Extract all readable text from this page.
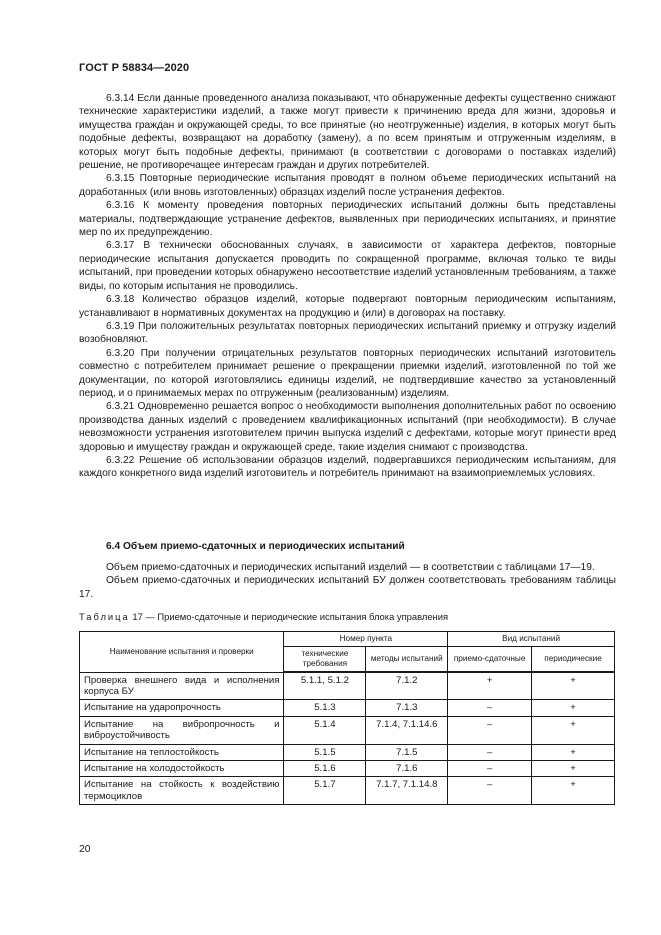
ГОСТ Р 58834—2020

6.3.14 Если данные проведенного анализа показывают, что обнаруженные дефекты существенно снижают технические характеристики изделий, а также могут привести к причинению вреда для жизни, здоровья и имущества граждан и окружающей среды, то все принятые (но неотгруженные) изделия, в которых могут быть подобные дефекты, возвращают на доработку (замену), а по всем принятым и отгруженным изделиям, в которых могут быть подобные дефекты, принимают (в соответствии с договорами о поставках изделий) решение, не противоречащее интересам граждан и других потребителей.

6.3.15 Повторные периодические испытания проводят в полном объеме периодических испытаний на доработанных (или вновь изготовленных) образцах изделий после устранения дефектов.

6.3.16 К моменту проведения повторных периодических испытаний должны быть представлены материалы, подтверждающие устранение дефектов, выявленных при периодических испытаниях, и принятие мер по их предупреждению.

6.3.17 В технически обоснованных случаях, в зависимости от характера дефектов, повторные периодические испытания допускается проводить по сокращенной программе, включая только те виды испытаний, при проведении которых обнаружено несоответствие изделий установленным требованиям, а также виды, по которым испытания не проводились.

6.3.18 Количество образцов изделий, которые подвергают повторным периодическим испытаниям, устанавливают в нормативных документах на продукцию и (или) в договорах на поставку.

6.3.19 При положительных результатах повторных периодических испытаний приемку и отгрузку изделий возобновляют.

6.3.20 При получении отрицательных результатов повторных периодических испытаний изготовитель совместно с потребителем принимает решение о прекращении приемки изделий, изготовленной по той же документации, по которой изготовлялись единицы изделий, не подтвердившие качество за установленный период, и о принимаемых мерах по отгруженным (реализованным) изделиям.

6.3.21 Одновременно решается вопрос о необходимости выполнения дополнительных работ по освоению производства данных изделий с проведением квалификационных испытаний (при необходимости). В случае невозможности устранения изготовителем причин выпуска изделий с дефектами, которые могут принести вред здоровью и имуществу граждан и окружающей среде, такие изделия снимают с производства.

6.3.22 Решение об использовании образцов изделий, подвергавшихся периодическим испытаниям, для каждого конкретного вида изделий изготовитель и потребитель принимают на взаимоприемлемых условиях.

6.4 Объем приемо-сдаточных и периодических испытаний

Объем приемо-сдаточных и периодических испытаний изделий — в соответствии с таблицами 17—19.

Объем приемо-сдаточных и периодических испытаний БУ должен соответствовать требованиям таблицы 17.

Таблица 17 — Приемо-сдаточные и периодические испытания блока управления
Наименование испытания и проверки	Номер пункта		Вид испытаний	
	технические требования	методы испытаний	приемо-сдаточные	периодические
Проверка внешнего вида и исполнения корпуса БУ	5.1.1, 5.1.2	7.1.2	+	+
Испытание на ударопрочность	5.1.3	7.1.3	–	+
Испытание на вибропрочность и виброустойчивость	5.1.4	7.1.4, 7.1.14.6	–	+
Испытание на теплостойкость	5.1.5	7.1.5	–	+
Испытание на холодостойкость	5.1.6	7.1.6	–	+
Испытание на стойкость к воздействию термоциклов	5.1.7	7.1.7, 7.1.14.8	–	+
20
